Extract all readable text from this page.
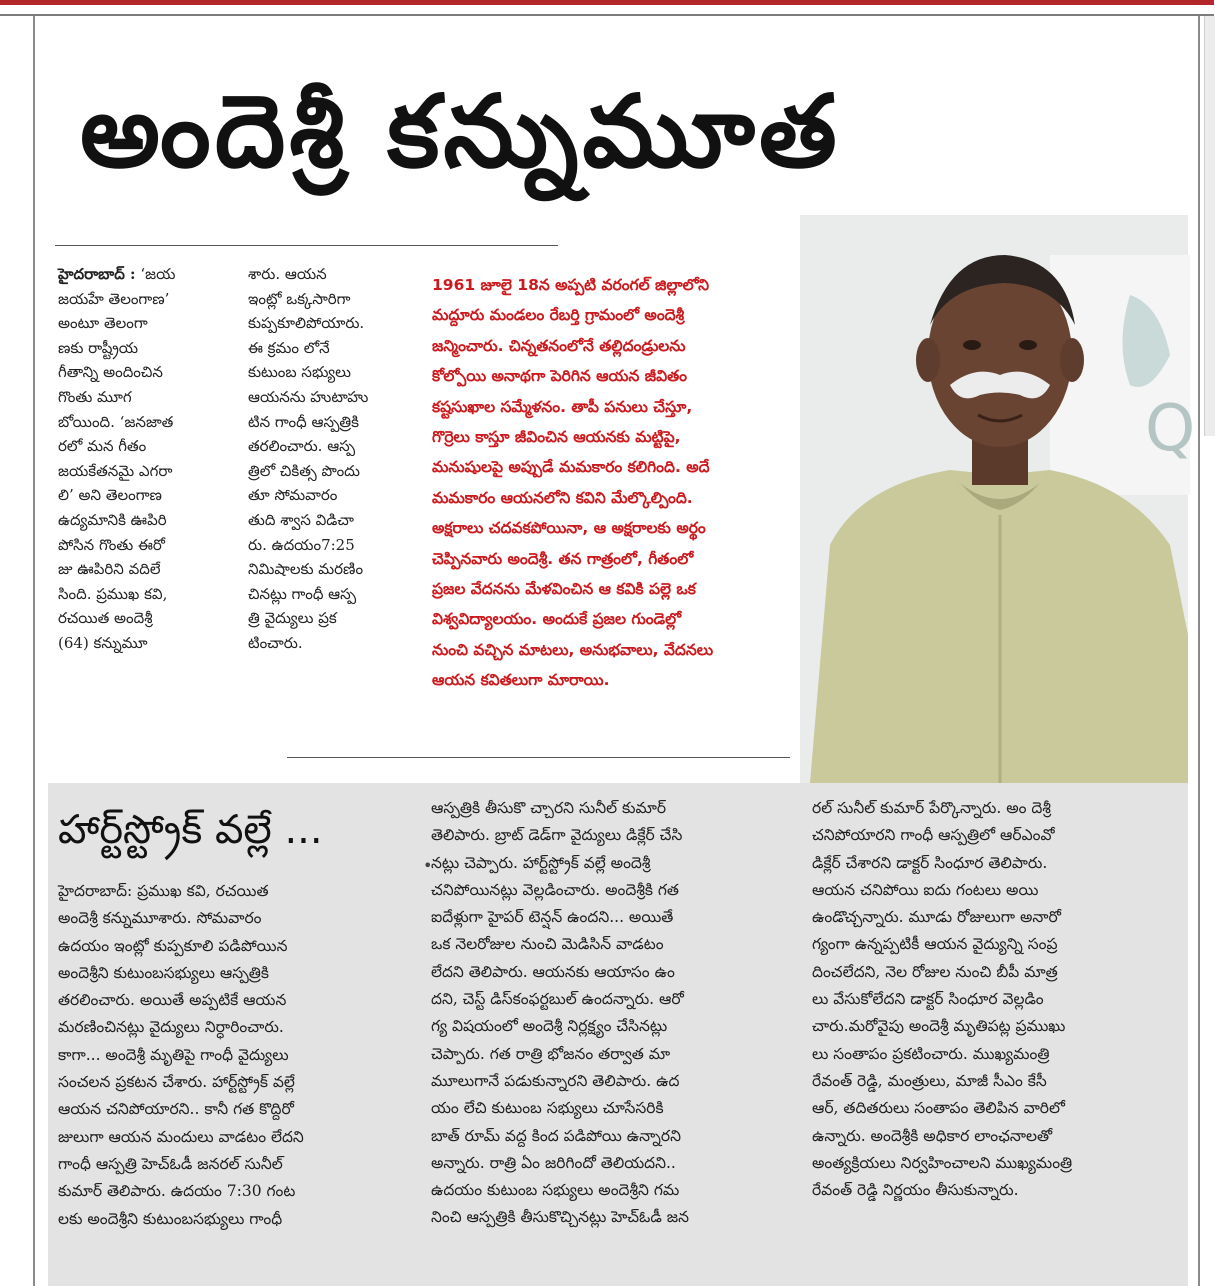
అందెశ్రీ కన్నుమూత
హైదరాబాద్ : ‘జయ
జయహే తెలంగాణ’
అంటూ తెలంగా
ణకు రాష్ట్రీయ
గీతాన్ని అందించిన
గొంతు మూగ
బోయింది. ‘జనజాత
రలో మన గీతం
జయకేతనమై ఎగరా
లి’ అని తెలంగాణ
ఉద్యమానికి ఊపిరి
పోసిన గొంతు ఈరో
జు ఊపిరిని వదిలే
సింది. ప్రముఖ కవి,
రచయిత అందెశ్రీ
(64) కన్నుమూ
శారు. ఆయన
ఇంట్లో ఒక్కసారిగా
కుప్పకూలిపోయారు.
ఈ క్రమం లోనే
కుటుంబ సభ్యులు
ఆయనను హుటాహు
టిన గాంధీ ఆస్పత్రికి
తరలించారు. ఆస్ప
త్రిలో చికిత్స పొందు
తూ సోమవారం
తుది శ్వాస విడిచా
రు. ఉదయం7:25
నిమిషాలకు మరణిం
చినట్లు గాంధీ ఆస్ప
త్రి వైద్యులు ప్రక
టించారు.
1961 జూలై 18న అప్పటి వరంగల్ జిల్లాలోని
మద్దూరు మండలం రేబర్తి గ్రామంలో అందెశ్రీ
జన్మించారు. చిన్నతనంలోనే తల్లిదండ్రులను
కోల్పోయి అనాథగా పెరిగిన ఆయన జీవితం
కష్టసుఖాల సమ్మేళనం. తాపీ పనులు చేస్తూ,
గొర్రెలు కాస్తూ జీవించిన ఆయనకు మట్టిపై,
మనుషులపై అప్పుడే మమకారం కలిగింది. అదే
మమకారం ఆయనలోని కవిని మేల్కొల్పింది.
అక్షరాలు చదవకపోయినా, ఆ అక్షరాలకు అర్థం
చెప్పినవారు అందెశ్రీ. తన గాత్రంలో, గీతంలో
ప్రజల వేదనను మేళవించిన ఆ కవికి పల్లె ఒక
విశ్వవిద్యాలయం. అందుకే ప్రజల గుండెల్లో
నుంచి వచ్చిన మాటలు, అనుభవాలు, వేదనలు
ఆయన కవితలుగా మారాయి.
Q
హార్ట్‌స్ట్రోక్ వల్లే ...
•
హైదరాబాద్: ప్రముఖ కవి, రచయిత
అందెశ్రీ కన్నుమూశారు. సోమవారం
ఉదయం ఇంట్లో కుప్పకూలి పడిపోయిన
అందెశ్రీని కుటుంబసభ్యులు ఆస్పత్రికి
తరలించారు. అయితే అప్పటికే ఆయన
మరణించినట్లు వైద్యులు నిర్ధారించారు.
కాగా... అందెశ్రీ మృతిపై గాంధీ వైద్యులు
సంచలన ప్రకటన చేశారు. హార్ట్‌స్ట్రోక్ వల్లే
ఆయన చనిపోయారని.. కానీ గత కొద్దిరో
జులుగా ఆయన మందులు వాడటం లేదని
గాంధీ ఆస్పత్రి హెచ్ఓడీ జనరల్ సునీల్
కుమార్ తెలిపారు. ఉదయం 7:30 గంట
లకు అందెశ్రీని కుటుంబసభ్యులు గాంధీ
ఆస్పత్రికి తీసుకొ చ్చారని సునీల్ కుమార్
తెలిపారు. బ్రాట్ డెడ్‌గా వైద్యులు డిక్లేర్ చేసి
నట్లు చెప్పారు. హార్ట్‌స్ట్రోక్ వల్లే అందెశ్రీ
చనిపోయినట్లు వెల్లడించారు. అందెశ్రీకి గత
ఐదేళ్లుగా హైపర్ టెన్షన్ ఉందని... అయితే
ఒక నెలరోజుల నుంచి మెడిసిన్ వాడటం
లేదని తెలిపారు. ఆయనకు ఆయాసం ఉం
దని, చెస్ట్ డిస్‌కంఫర్టబుల్ ఉందన్నారు. ఆరో
గ్య విషయంలో అందెశ్రీ నిర్లక్ష్యం చేసినట్లు
చెప్పారు. గత రాత్రి భోజనం తర్వాత మా
మూలుగానే పడుకున్నారని తెలిపారు. ఉద
యం లేచి కుటుంబ సభ్యులు చూసేసరికి
బాత్ రూమ్ వద్ద కింద పడిపోయి ఉన్నారని
అన్నారు. రాత్రి ఏం జరిగిందో తెలియదని..
ఉదయం కుటుంబ సభ్యులు అందెశ్రీని గమ
నించి ఆస్పత్రికి తీసుకొచ్చినట్లు హెచ్ఓడీ జన
రల్ సునీల్ కుమార్ పేర్కొన్నారు. అం దెశ్రీ
చనిపోయారని గాంధీ ఆస్పత్రిలో ఆర్ఎంవో
డిక్లేర్ చేశారని డాక్టర్ సింధూర తెలిపారు.
ఆయన చనిపోయి ఐదు గంటలు అయి
ఉండొచ్చన్నారు. మూడు రోజులుగా అనారో
గ్యంగా ఉన్నప్పటికీ ఆయన వైద్యున్ని సంప్ర
దించలేదని, నెల రోజుల నుంచి బీపీ మాత్ర
లు వేసుకోలేదని డాక్టర్ సింధూర వెల్లడిం
చారు.మరోవైపు అందెశ్రీ మృతిపట్ల ప్రముఖు
లు సంతాపం ప్రకటించారు. ముఖ్యమంత్రి
రేవంత్ రెడ్డి, మంత్రులు, మాజీ సీఎం కేసీ
ఆర్, తదితరులు సంతాపం తెలిపిన వారిలో
ఉన్నారు. అందెశ్రీకి అధికార లాంఛనాలతో
అంత్యక్రియలు నిర్వహించాలని ముఖ్యమంత్రి
రేవంత్ రెడ్డి నిర్ణయం తీసుకున్నారు.
